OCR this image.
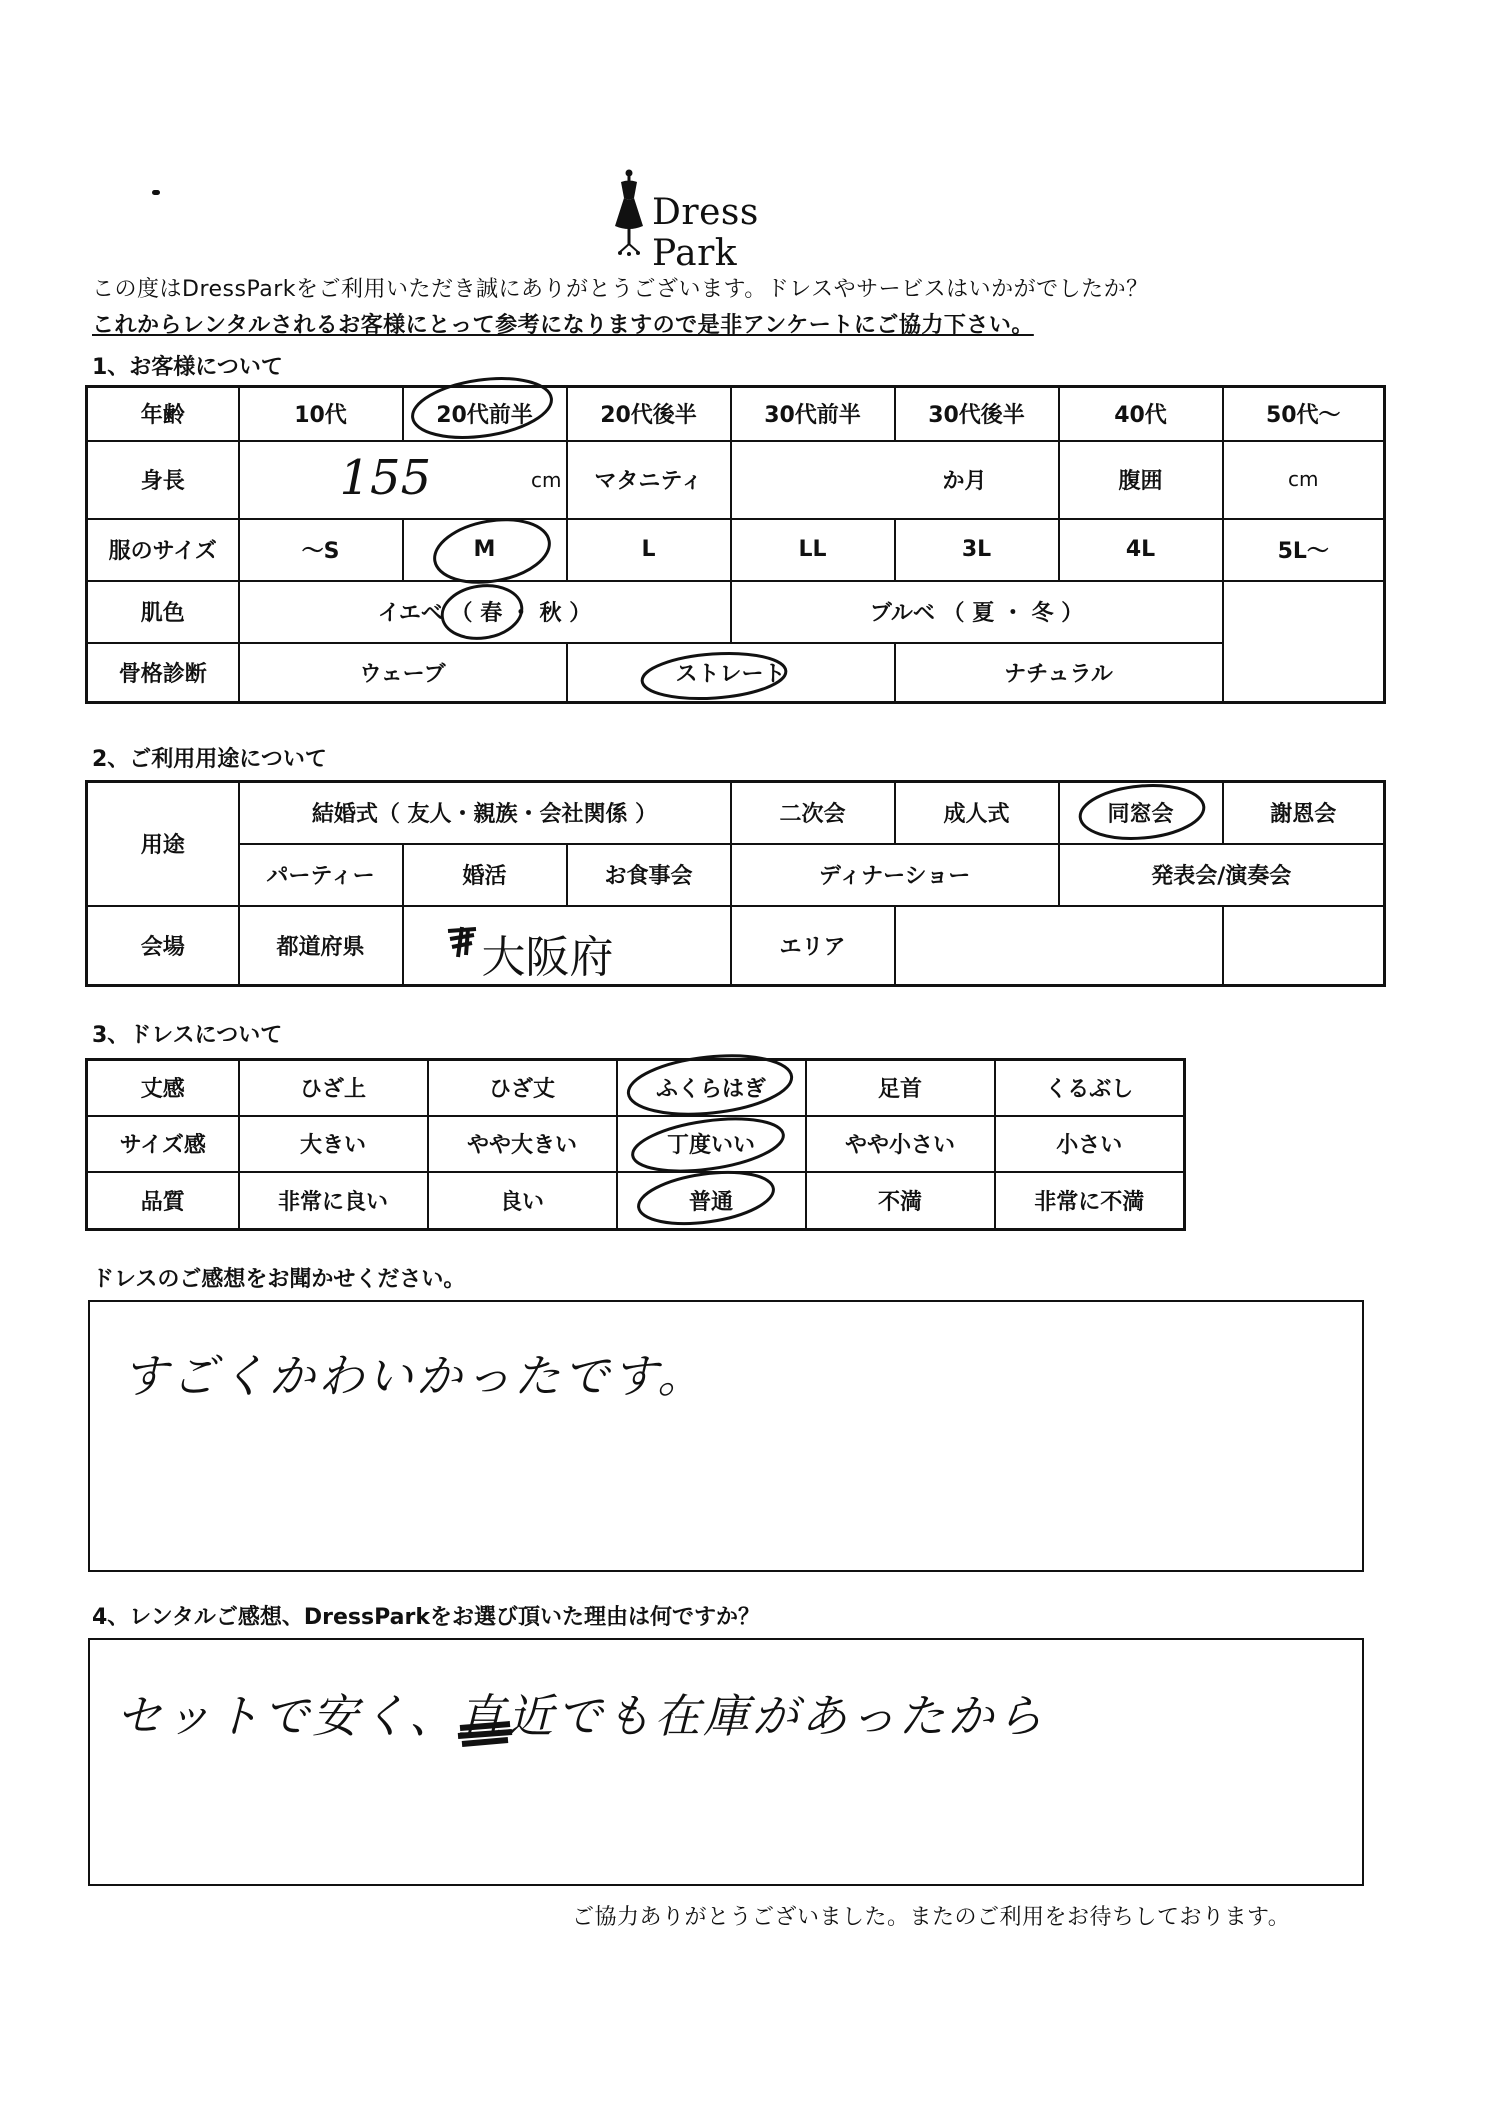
Dress Park
この度はDressParkをご利用いただき誠にありがとうございます。ドレスやサービスはいかがでしたか？
これからレンタルされるお客様にとって参考になりますので是非アンケートにご協力下さい。
1、お客様について
年齢	10代	20代前半	20代後半	30代前半	30代後半	40代	50代～
身長	155 cm		マタニティ	か月		腹囲	cm
服のサイズ	～S	M	L	LL	3L	4L	5L～
肌色	イエベ （ 春 ・ 秋 ）			ブルベ （ 夏 ・ 冬 ）			
骨格診断	ウェーブ		ストレート		ナチュラル		
2、ご利用用途について
用途	結婚式（ 友人・親族・会社関係 ）			二次会	成人式	同窓会	謝恩会
	パーティー	婚活	お食事会	ディナーショー		発表会/演奏会	
会場	都道府県	大阪府		エリア			
3、ドレスについて
丈感	ひざ上	ひざ丈	ふくらはぎ	足首	くるぶし
サイズ感	大きい	やや大きい	丁度いい	やや小さい	小さい
品質	非常に良い	良い	普通	不満	非常に不満
ドレスのご感想をお聞かせください。
すごくかわいかったです。
4、レンタルご感想、DressParkをお選び頂いた理由は何ですか？
セットで安く、直近でも在庫があったから
ご協力ありがとうございました。またのご利用をお待ちしております。
